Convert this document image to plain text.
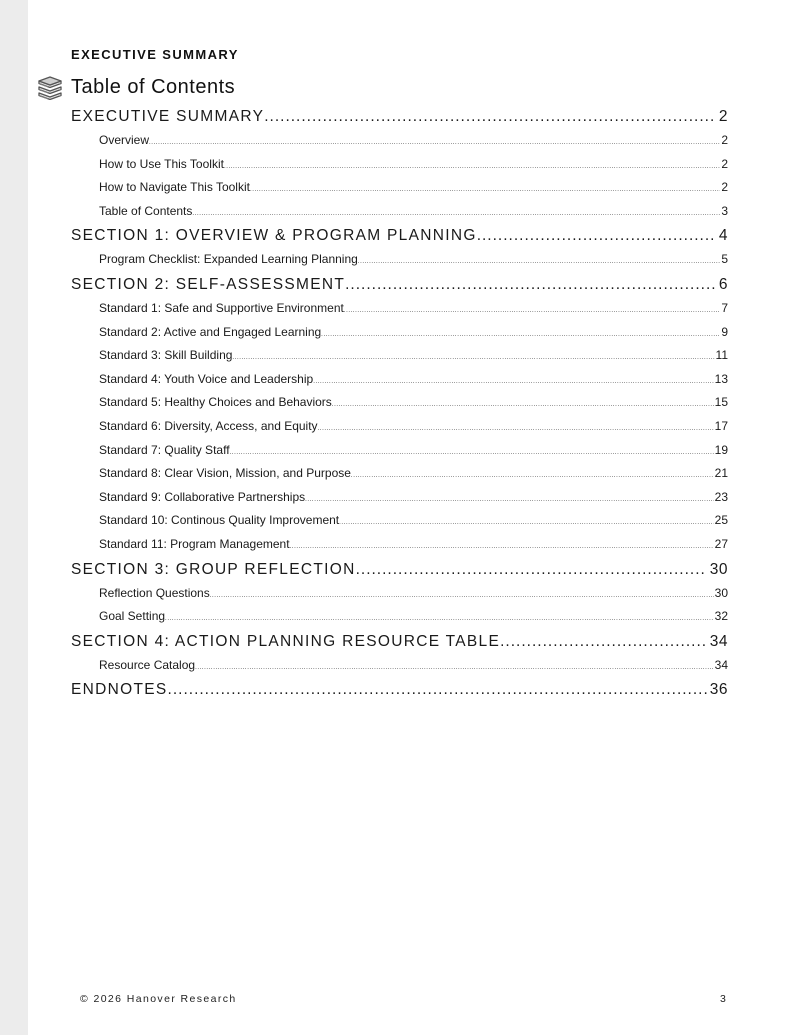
EXECUTIVE SUMMARY
Table of Contents
EXECUTIVE SUMMARY .....	2
Overview .....	2
How to Use This Toolkit .....	2
How to Navigate This Toolkit .....	2
Table of Contents .....	3
SECTION 1: OVERVIEW & PROGRAM PLANNING .....	4
Program Checklist: Expanded Learning Planning .....	5
SECTION 2: SELF-ASSESSMENT .....	6
Standard 1: Safe and Supportive Environment .....	7
Standard 2: Active and Engaged Learning .....	9
Standard 3: Skill Building .....	11
Standard 4: Youth Voice and Leadership .....	13
Standard 5: Healthy Choices and Behaviors .....	15
Standard 6: Diversity, Access, and Equity .....	17
Standard 7: Quality Staff .....	19
Standard 8: Clear Vision, Mission, and Purpose .....	21
Standard 9: Collaborative Partnerships .....	23
Standard 10: Continous Quality Improvement .....	25
Standard 11: Program Management .....	27
SECTION 3: GROUP REFLECTION .....	30
Reflection Questions .....	30
Goal Setting .....	32
SECTION 4: ACTION PLANNING RESOURCE TABLE .....	34
Resource Catalog .....	34
ENDNOTES .....	36
© 2026 Hanover Research	3
